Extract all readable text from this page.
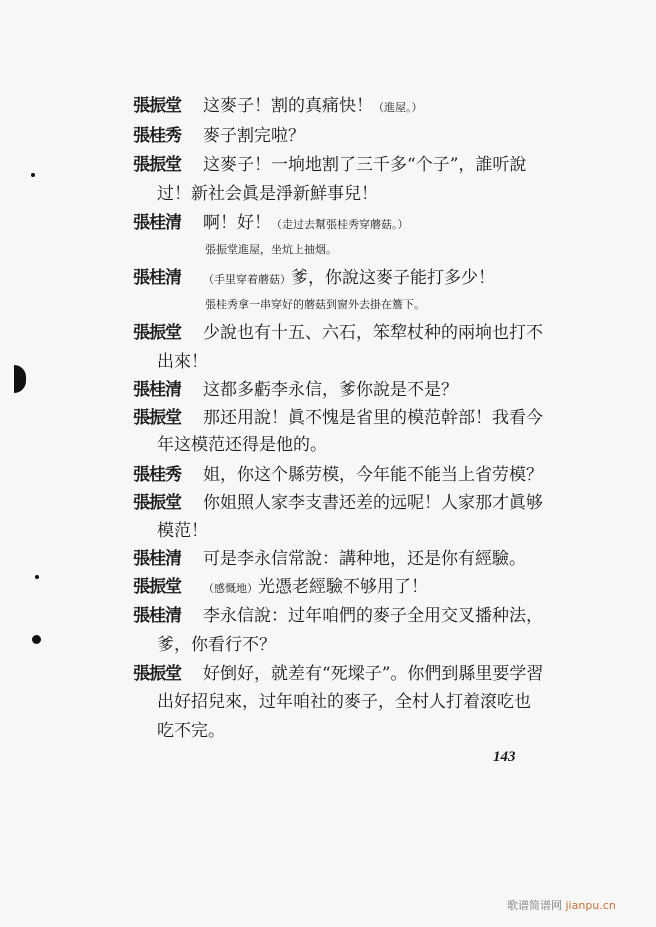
張振堂 这麥子！割的真痛快！（進屋。）
張桂秀 麥子割完啦？
張振堂 这麥子！一垧地割了三千多“个子”，誰听說
过！新社会眞是淨新鮮事兒！
張桂清 啊！好！（走过去幫張桂秀穿蘑菇。）
張振堂進屋，坐炕上抽烟。
張桂清 （手里穿着蘑菇）爹，你說这麥子能打多少！
張桂秀拿一串穿好的蘑菇到窗外去掛在簷下。
張振堂 少說也有十五、六石，笨犂杖种的兩垧也打不
出來！
張桂清 这都多虧李永信，爹你說是不是？
張振堂 那还用說！眞不愧是省里的模范幹部！我看今
年这模范还得是他的。
張桂秀 姐，你这个縣劳模，今年能不能当上省劳模？
張振堂 你姐照人家李支書还差的远呢！人家那才眞够
模范！
張桂清 可是李永信常說：講种地，还是你有經驗。
張振堂 （感慨地）光憑老經驗不够用了！
張桂清 李永信說：过年咱們的麥子全用交叉播种法，
爹，你看行不？
張振堂 好倒好，就差有“死墚子”。你們到縣里要学習
出好招兒來，过年咱社的麥子，全村人打着滾吃也
吃不完。
143
歌谱简谱网 jianpu.cn
